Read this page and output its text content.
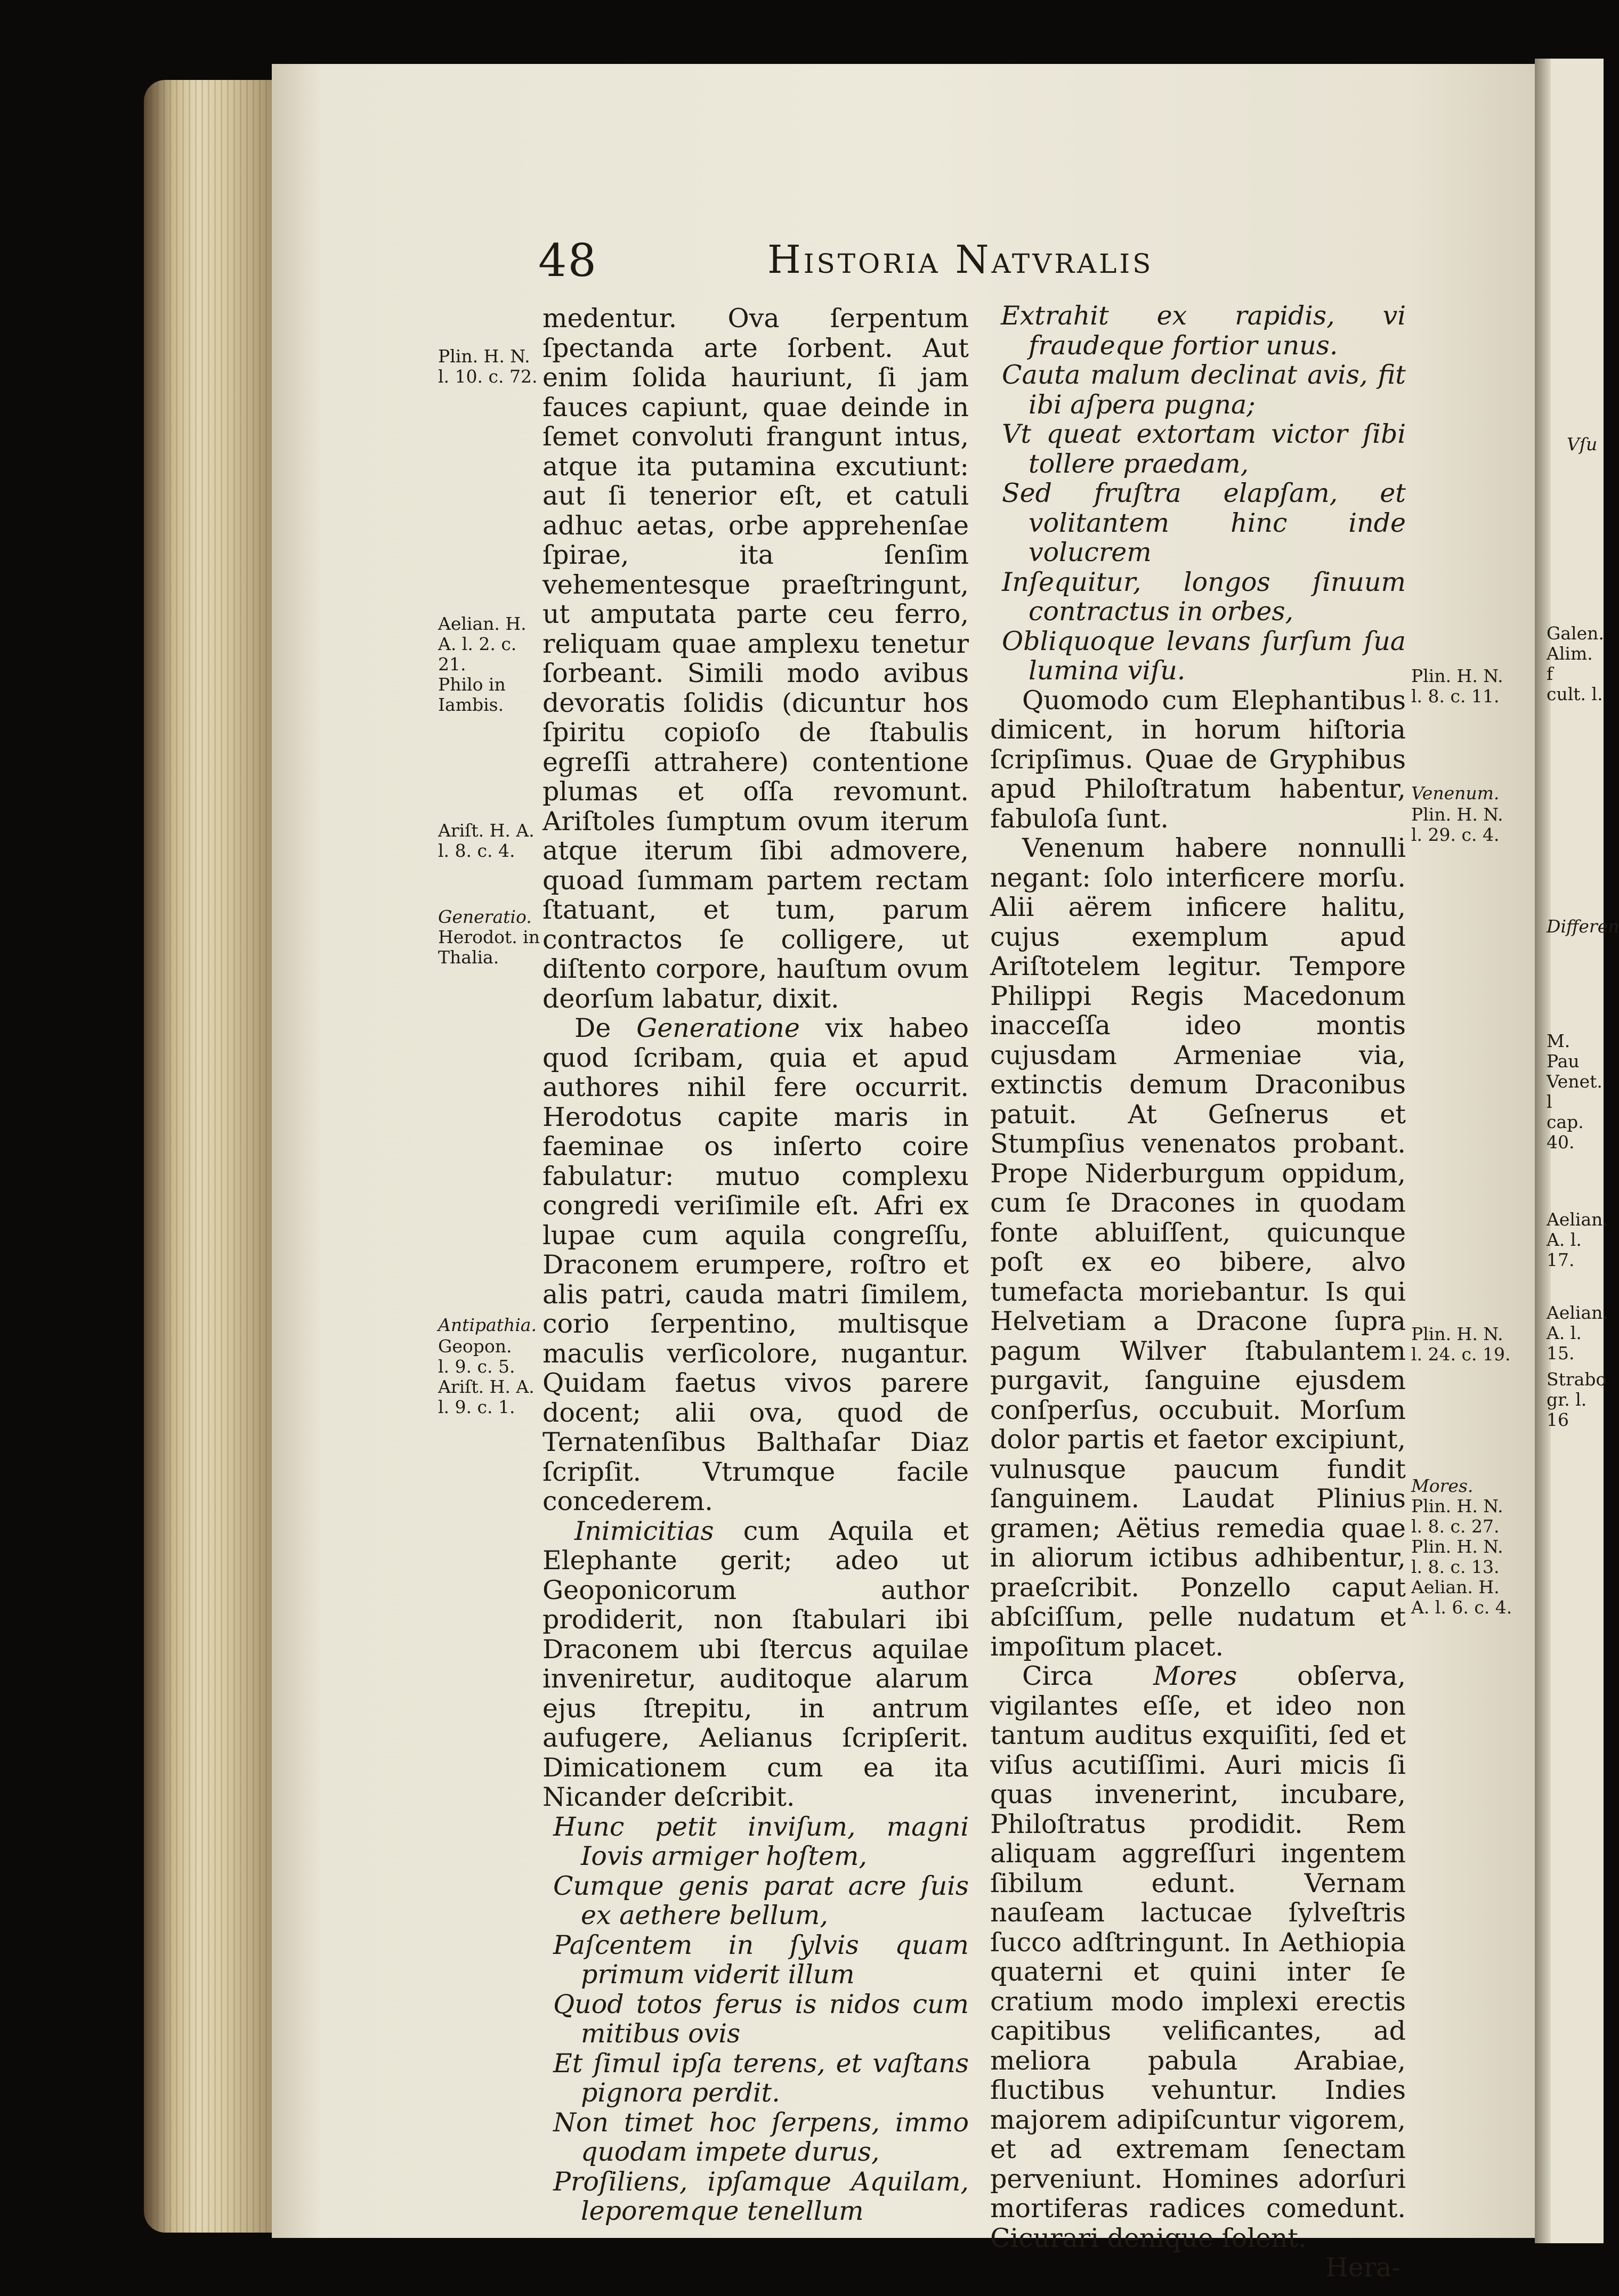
48	Historia Natvralis
Plin. H. N.
l. 10. c. 72.
Aelian. H.
A. l. 2. c. 21.
Philo in
Iambis.
Ariſt. H. A.
l. 8. c. 4.
Generatio.
Herodot. in
Thalia.
Antipathia.
Geopon.
l. 9. c. 5.
Ariſt. H. A.
l. 9. c. 1.

medentur. Ova ſerpentum ſpectanda arte ſorbent. Aut enim ſolida hauriunt, ſi jam fauces capiunt, quae deinde in ſemet convoluti frangunt intus, atque ita putamina excutiunt: aut ſi tenerior eſt, et catuli adhuc aetas, orbe apprehenſae ſpirae, ita ſenſim vehementesque praeſtringunt, ut amputata parte ceu ferro, reliquam quae amplexu tenetur ſorbeant. Simili modo avibus devoratis ſolidis (dicuntur hos ſpiritu copioſo de ſtabulis egreſſi attrahere) contentione plumas et oſſa revomunt. Ariſtoles ſumptum ovum iterum atque iterum ſibi admovere, quoad ſummam partem rectam ſtatuant, et tum, parum contractos ſe colligere, ut diſtento corpore, hauſtum ovum deorſum labatur, dixit.

De Generatione vix habeo quod ſcribam, quia et apud authores nihil fere occurrit. Herodotus capite maris in faeminae os inſerto coire fabulatur: mutuo complexu congredi veriſimile eſt. Afri ex lupae cum aquila congreſſu, Draconem erumpere, roſtro et alis patri, cauda matri ſimilem, corio ſerpentino, multisque maculis verſicolore, nugantur. Quidam faetus vivos parere docent; alii ova, quod de Ternatenſibus Balthaſar Diaz ſcripſit. Vtrumque facile concederem.

Inimicitias cum Aquila et Elephante gerit; adeo ut Geoponicorum author prodiderit, non ſtabulari ibi Draconem ubi ſtercus aquilae inveniretur, auditoque alarum ejus ſtrepitu, in antrum aufugere, Aelianus ſcripſerit. Dimicationem cum ea ita Nicander deſcribit.

Hunc petit inviſum, magni Iovis armiger hoſtem,
Cumque genis parat acre ſuis ex aethere bellum,
Paſcentem in ſylvis quam primum viderit illum
Quod totos ferus is nidos cum mitibus ovis
Et ſimul ipſa terens, et vaſtans pignora perdit.
Non timet hoc ſerpens, immo quodam impete durus,
Proſiliens, ipſamque Aquilam, leporemque tenellum
Extrahit ex rapidis, vi fraudeque fortior unus.
Cauta malum declinat avis, fit ibi aſpera pugna;
Vt queat extortam victor ſibi tollere praedam,
Sed fruſtra elapſam, et volitantem hinc inde volucrem
Inſequitur, longos ſinuum contractus in orbes,
Obliquoque levans ſurſum ſua lumina viſu.

Quomodo cum Elephantibus dimicent, in horum hiſtoria ſcripſimus. Quae de Gryphibus apud Philoſtratum habentur, fabuloſa ſunt.

Venenum habere nonnulli negant: ſolo interficere morſu. Alii aërem inficere halitu, cujus exemplum apud Ariſtotelem legitur. Tempore Philippi Regis Macedonum inacceſſa ideo montis cujusdam Armeniae via, extinctis demum Draconibus patuit. At Geſnerus et Stumpſius venenatos probant. Prope Niderburgum oppidum, cum ſe Dracones in quodam fonte abluiſſent, quicunque poſt ex eo bibere, alvo tumefacta moriebantur. Is qui Helvetiam a Dracone ſupra pagum Wilver ſtabulantem purgavit, ſanguine ejusdem conſperſus, occubuit. Morſum dolor partis et faetor excipiunt, vulnusque paucum fundit ſanguinem. Laudat Plinius gramen; Aëtius remedia quae in aliorum ictibus adhibentur, praeſcribit. Ponzello caput abſciſſum, pelle nudatum et impoſitum placet.

Circa Mores obſerva, vigilantes eſſe, et ideo non tantum auditus exquiſiti, ſed et viſus acutiſſimi. Auri micis ſi quas invenerint, incubare, Philoſtratus prodidit. Rem aliquam aggreſſuri ingentem ſibilum edunt. Vernam nauſeam lactucae ſylveſtris ſucco adſtringunt. In Aethiopia quaterni et quini inter ſe cratium modo implexi erectis capitibus velificantes, ad meliora pabula Arabiae, fluctibus vehuntur. Indies majorem adipiſcuntur vigorem, et ad extremam ſenectam perveniunt. Homines adorſuri mortiferas radices comedunt. Cicurari denique ſolent.

Hera-
Plin. H. N.
l. 8. c. 11.
Venenum.
Plin. H. N.
l. 29. c. 4.
Plin. H. N.
l. 24. c. 19.
Mores.
Plin. H. N.
l. 8. c. 27.
Plin. H. N.
l. 8. c. 13.
Aelian. H.
A. l. 6. c. 4.
Vſu
Galen.
Alim. f
cult. l.
Differen
M. Pau
Venet. l
cap. 40.
Aelian.
A. l. 17.
Aelian.
A. l. 15.
Strabo
gr. l. 16
